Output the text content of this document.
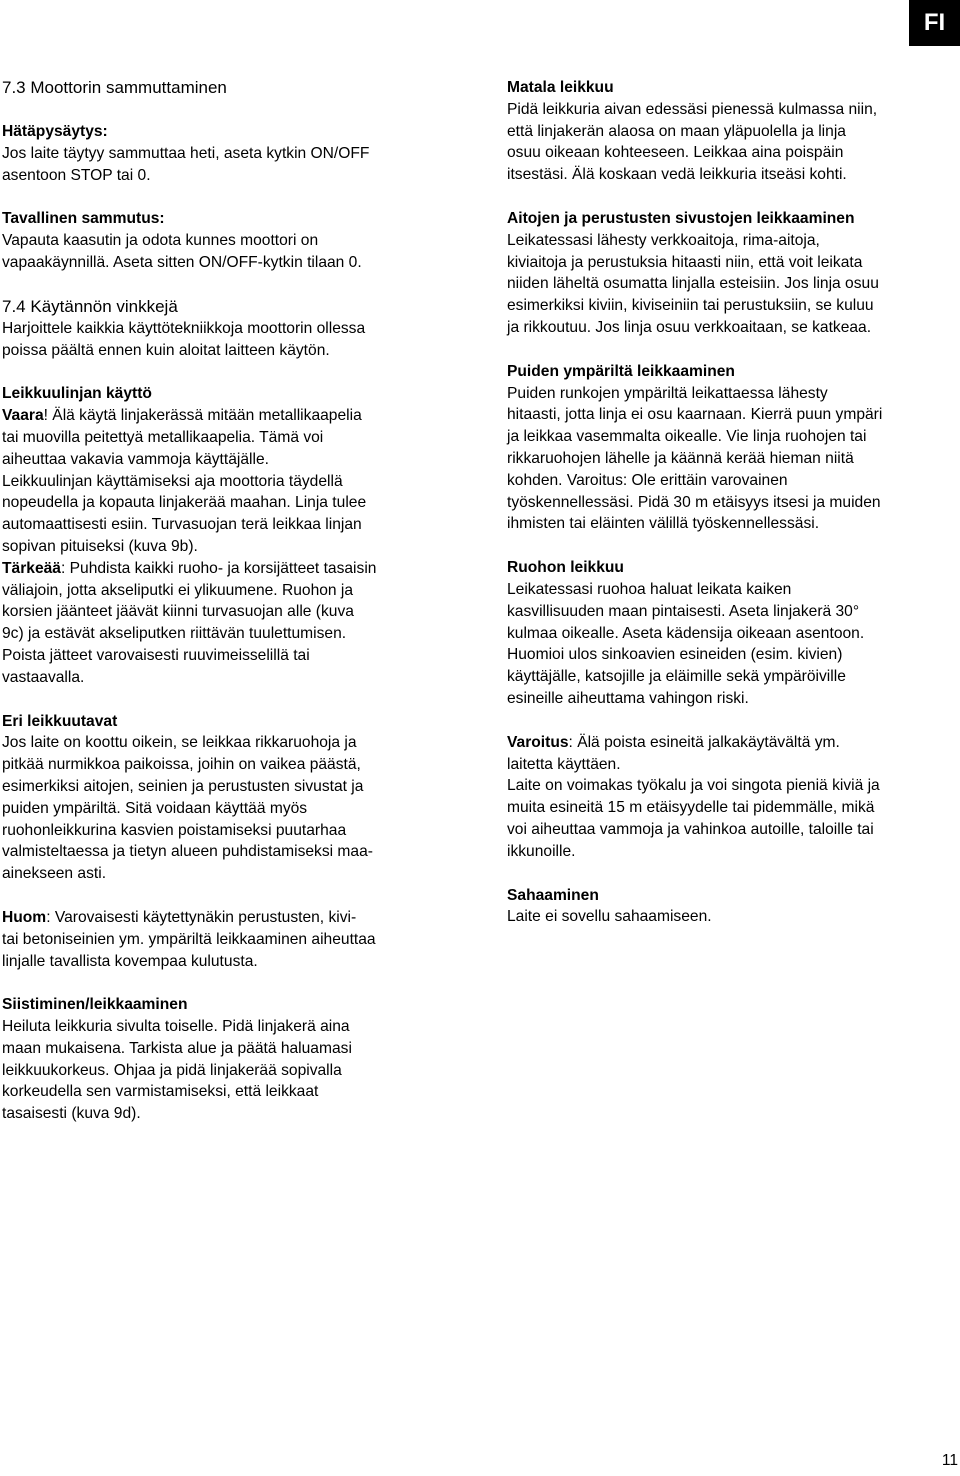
FI
7.3 Moottorin sammuttaminen
Hätäpysäytys:
Jos laite täytyy sammuttaa heti, aseta kytkin ON/OFF
asentoon STOP tai 0.
Tavallinen sammutus:
Vapauta kaasutin ja odota kunnes moottori on
vapaakäynnillä. Aseta sitten ON/OFF-kytkin tilaan 0.
7.4 Käytännön vinkkejä
Harjoittele kaikkia käyttötekniikkoja moottorin ollessa
poissa päältä ennen kuin aloitat laitteen käytön.
Leikkuulinjan käyttö
Vaara! Älä käytä linjakerässä mitään metallikaapelia
tai muovilla peitettyä metallikaapelia. Tämä voi
aiheuttaa vakavia vammoja käyttäjälle.
Leikkuulinjan käyttämiseksi aja moottoria täydellä
nopeudella ja kopauta linjakerää maahan. Linja tulee
automaattisesti esiin. Turvasuojan terä leikkaa linjan
sopivan pituiseksi (kuva 9b).
Tärkeää: Puhdista kaikki ruoho- ja korsijätteet tasaisin
väliajoin, jotta akseliputki ei ylikuumene. Ruohon ja
korsien jäänteet jäävät kiinni turvasuojan alle (kuva
9c) ja estävät akseliputken riittävän tuulettumisen.
Poista jätteet varovaisesti ruuvimeisselillä tai
vastaavalla.
Eri leikkuutavat
Jos laite on koottu oikein, se leikkaa rikkaruohoja ja
pitkää nurmikkoa paikoissa, joihin on vaikea päästä,
esimerkiksi aitojen, seinien ja perustusten sivustat ja
puiden ympäriltä. Sitä voidaan käyttää myös
ruohonleikkurina kasvien poistamiseksi puutarhaa
valmisteltaessa ja tietyn alueen puhdistamiseksi maa-
ainekseen asti.
Huom: Varovaisesti käytettynäkin perustusten, kivi-
tai betoniseinien ym. ympäriltä leikkaaminen aiheuttaa
linjalle tavallista kovempaa kulutusta.
Siistiminen/leikkaaminen
Heiluta leikkuria sivulta toiselle. Pidä linjakerä aina
maan mukaisena. Tarkista alue ja päätä haluamasi
leikkuukorkeus. Ohjaa ja pidä linjakerää sopivalla
korkeudella sen varmistamiseksi, että leikkaat
tasaisesti (kuva 9d).
Matala leikkuu
Pidä leikkuria aivan edessäsi pienessä kulmassa niin,
että linjakerän alaosa on maan yläpuolella ja linja
osuu oikeaan kohteeseen. Leikkaa aina poispäin
itsestäsi. Älä koskaan vedä leikkuria itseäsi kohti.
Aitojen ja perustusten sivustojen leikkaaminen
Leikatessasi lähesty verkkoaitoja, rima-aitoja,
kiviaitoja ja perustuksia hitaasti niin, että voit leikata
niiden läheltä osumatta linjalla esteisiin. Jos linja osuu
esimerkiksi kiviin, kiviseiniin tai perustuksiin, se kuluu
ja rikkoutuu. Jos linja osuu verkkoaitaan, se katkeaa.
Puiden ympäriltä leikkaaminen
Puiden runkojen ympäriltä leikattaessa lähesty
hitaasti, jotta linja ei osu kaarnaan. Kierrä puun ympäri
ja leikkaa vasemmalta oikealle. Vie linja ruohojen tai
rikkaruohojen lähelle ja käännä kerää hieman niitä
kohden. Varoitus: Ole erittäin varovainen
työskennellessäsi. Pidä 30 m etäisyys itsesi ja muiden
ihmisten tai eläinten välillä työskennellessäsi.
Ruohon leikkuu
Leikatessasi ruohoa haluat leikata kaiken
kasvillisuuden maan pintaisesti. Aseta linjakerä 30°
kulmaa oikealle. Aseta kädensija oikeaan asentoon.
Huomioi ulos sinkoavien esineiden (esim. kivien)
käyttäjälle, katsojille ja eläimille sekä ympäröiville
esineille aiheuttama vahingon riski.
Varoitus: Älä poista esineitä jalkakäytävältä ym.
laitetta käyttäen.
Laite on voimakas työkalu ja voi singota pieniä kiviä ja
muita esineitä 15 m etäisyydelle tai pidemmälle, mikä
voi aiheuttaa vammoja ja vahinkoa autoille, taloille tai
ikkunoille.
Sahaaminen
Laite ei sovellu sahaamiseen.
11
